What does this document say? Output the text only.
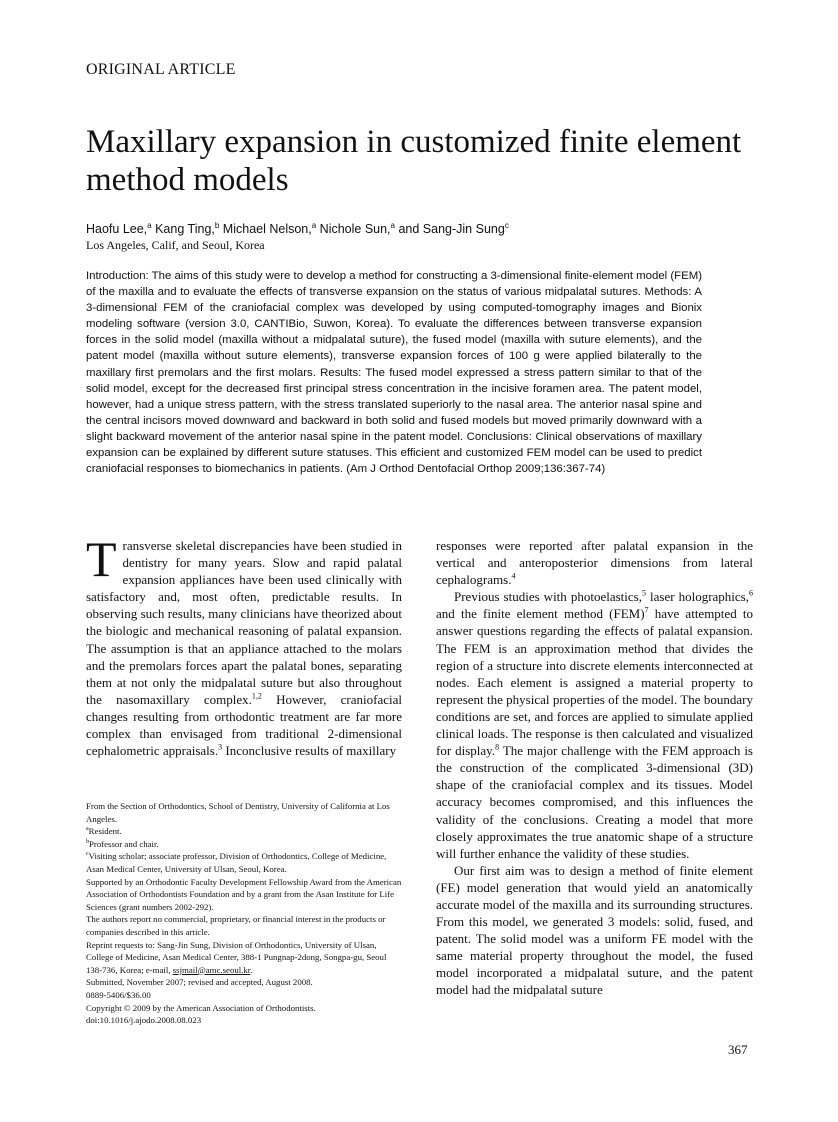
ORIGINAL ARTICLE
Maxillary expansion in customized finite element method models
Haofu Lee,$^a$ Kang Ting,$^b$ Michael Nelson,$^a$ Nichole Sun,$^a$ and Sang-Jin Sung$^c$
Los Angeles, Calif, and Seoul, Korea

Introduction: The aims of this study were to develop a method for constructing a 3-dimensional finite-element model (FEM) of the maxilla and to evaluate the effects of transverse expansion on the status of various midpalatal sutures. Methods: A 3-dimensional FEM of the craniofacial complex was developed by using computed-tomography images and Bionix modeling software (version 3.0, CANTIBio, Suwon, Korea). To evaluate the differences between transverse expansion forces in the solid model (maxilla without a midpalatal suture), the fused model (maxilla with suture elements), and the patent model (maxilla without suture elements), transverse expansion forces of 100 g were applied bilaterally to the maxillary first premolars and the first molars. Results: The fused model expressed a stress pattern similar to that of the solid model, except for the decreased first principal stress concentration in the incisive foramen area. The patent model, however, had a unique stress pattern, with the stress translated superiorly to the nasal area. The anterior nasal spine and the central incisors moved downward and backward in both solid and fused models but moved primarily downward with a slight backward movement of the anterior nasal spine in the patent model. Conclusions: Clinical observations of maxillary expansion can be explained by different suture statuses. This efficient and customized FEM model can be used to predict craniofacial responses to biomechanics in patients. (Am J Orthod Dentofacial Orthop 2009;136:367-74)

Transverse skeletal discrepancies have been studied in dentistry for many years. Slow and rapid palatal expansion appliances have been used clinically with satisfactory and, most often, predictable results. In observing such results, many clinicians have theorized about the biologic and mechanical reasoning of palatal expansion. The assumption is that an appliance attached to the molars and the premolars forces apart the palatal bones, separating them at not only the midpalatal suture but also throughout the nasomaxillary complex.$^{1,2}$ However, craniofacial changes resulting from orthodontic treatment are far more complex than envisaged from traditional 2-dimensional cephalometric appraisals.$^3$ Inconclusive results of maxillary

responses were reported after palatal expansion in the vertical and anteroposterior dimensions from lateral cephalograms.$^4$

Previous studies with photoelastics,$^5$ laser holographics,$^6$ and the finite element method (FEM)$^7$ have attempted to answer questions regarding the effects of palatal expansion. The FEM is an approximation method that divides the region of a structure into discrete elements interconnected at nodes. Each element is assigned a material property to represent the physical properties of the model. The boundary conditions are set, and forces are applied to simulate applied clinical loads. The response is then calculated and visualized for display.$^8$ The major challenge with the FEM approach is the construction of the complicated 3-dimensional (3D) shape of the craniofacial complex and its tissues. Model accuracy becomes compromised, and this influences the validity of the conclusions. Creating a model that more closely approximates the true anatomic shape of a structure will further enhance the validity of these studies.

Our first aim was to design a method of finite element (FE) model generation that would yield an anatomically accurate model of the maxilla and its surrounding structures. From this model, we generated 3 models: solid, fused, and patent. The solid model was a uniform FE model with the same material property throughout the model, the fused model incorporated a midpalatal suture, and the patent model had the midpalatal suture

From the Section of Orthodontics, School of Dentistry, University of California at Los Angeles.
$^a$Resident.
$^b$Professor and chair.
$^c$Visiting scholar; associate professor, Division of Orthodontics, College of Medicine, Asan Medical Center, University of Ulsan, Seoul, Korea.
Supported by an Orthodontic Faculty Development Fellowship Award from the American Association of Orthodontists Foundation and by a grant from the Asan Institute for Life Sciences (grant numbers 2002-292).
The authors report no commercial, proprietary, or financial interest in the products or companies described in this article.
Reprint requests to: Sang-Jin Sung, Division of Orthodontics, University of Ulsan, College of Medicine, Asan Medical Center, 388-1 Pungnap-2dong, Songpa-gu, Seoul 138-736, Korea; e-mail, ssjmail@amc.seoul.kr.
Submitted, November 2007; revised and accepted, August 2008.
0889-5406/$36.00
Copyright © 2009 by the American Association of Orthodontists.
doi:10.1016/j.ajodo.2008.08.023
367
